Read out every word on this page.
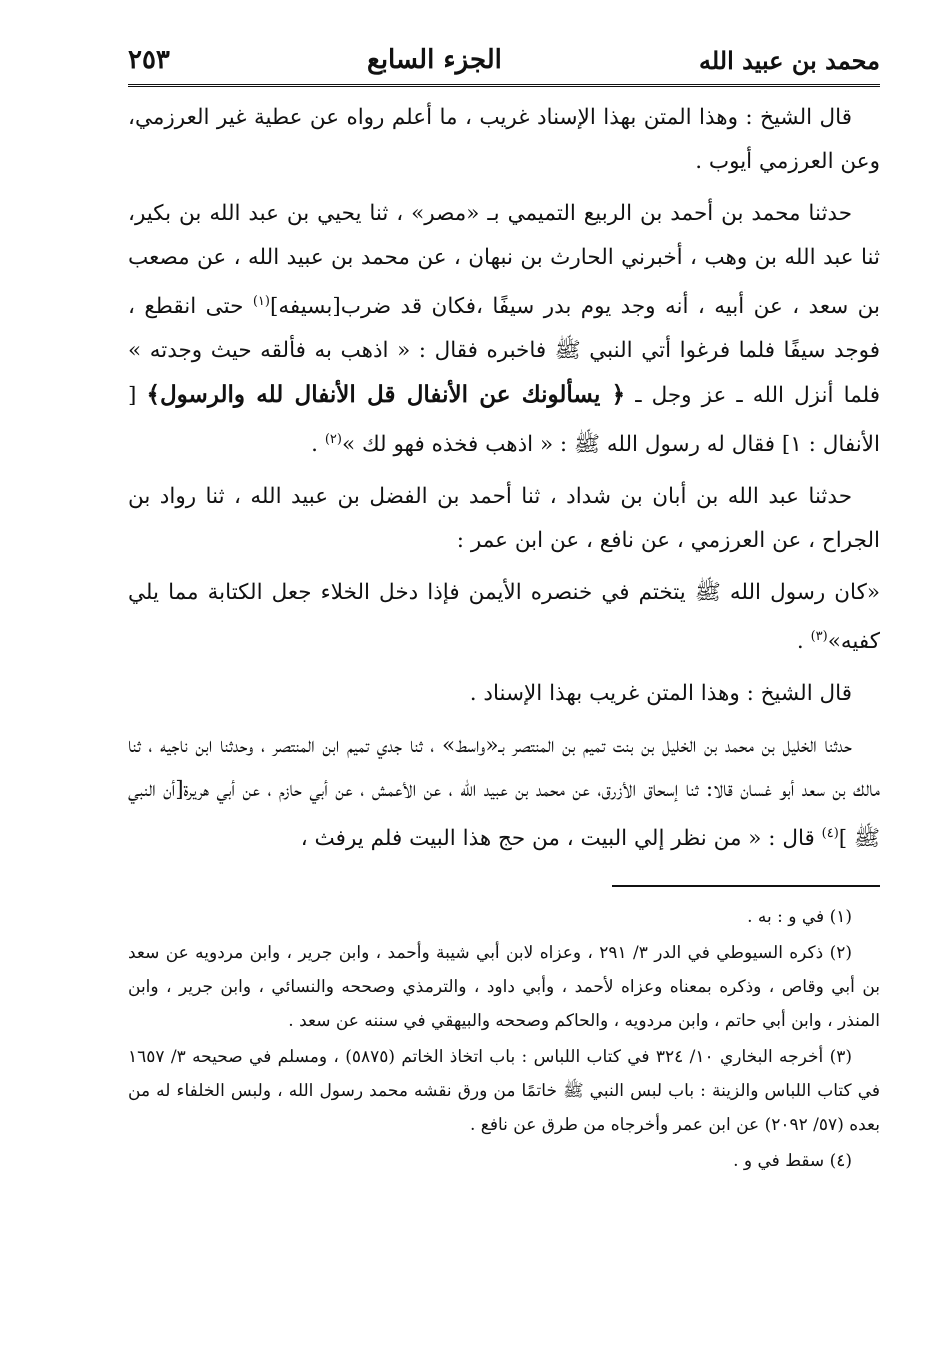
٢٥٣	الجزء السابع	محمد بن عبيد الله

قال الشيخ : وهذا المتن بهذا الإسناد غريب ، ما أعلم رواه عن عطية غير العرزمي، وعن العرزمي أيوب .

حدثنا محمد بن أحمد بن الربيع التميمي بـ «مصر» ، ثنا يحيي بن عبد الله بن بكير، ثنا عبد الله بن وهب ، أخبرني الحارث بن نبهان ، عن محمد بن عبيد الله ، عن مصعب بن سعد ، عن أبيه ، أنه وجد يوم بدر سيفًا ،فكان قد ضرب[بسيفه]$^{(١)}$ حتى انقطع ، فوجد سيفًا فلما فرغوا أتي النبي ﷺ فاخبره فقال : « اذهب به فألقه حيث وجدته » فلما أنزل الله ـ عز وجل ـ ﴿ يسألونك عن الأنفال قل الأنفال لله والرسول﴾ [ الأنفال : ١] فقال له رسول الله ﷺ : « اذهب فخذه فهو لك »$^{(٢)}$ .

حدثنا عبد الله بن أبان بن شداد ، ثنا أحمد بن الفضل بن عبيد الله ، ثنا رواد بن الجراح ، عن العرزمي ، عن نافع ، عن ابن عمر :

«كان رسول الله ﷺ يتختم في خنصره الأيمن فإذا دخل الخلاء جعل الكتابة مما يلي كفيه»$^{(٣)}$ .

قال الشيخ : وهذا المتن غريب بهذا الإسناد .

حدثنا الخليل بن محمد بن الخليل بن بنت تميم بن المنتصر بـ«واسط» ، ثنا جدي تميم ابن المنتصر ، وحدثنا ابن ناجيه ، ثنا مالك بن سعد أبو غسان قالا: ثنا إسحاق الأزرق، عن محمد بن عبيد الله ، عن الأعمش ، عن أبي حازم ، عن أبي هريرة[أن النبي ﷺ ]$^{(٤)}$ قال : « من نظر إلي البيت ، من حج هذا البيت فلم يرفث ،

(١) في و : به .

(٢) ذكره السيوطي في الدر ٣/ ٢٩١ ، وعزاه لابن أبي شيبة وأحمد ، وابن جرير ، وابن مردويه عن سعد بن أبي وقاص ، وذكره بمعناه وعزاه لأحمد ، وأبي داود ، والترمذي وصححه والنسائي ، وابن جرير ، وابن المنذر ، وابن أبي حاتم ، وابن مردويه ، والحاكم وصححه والبيهقي في سننه عن سعد .

(٣) أخرجه البخاري ١٠/ ٣٢٤ في كتاب اللباس : باب اتخاذ الخاتم (٥٨٧٥) ، ومسلم في صحيحه ٣/ ١٦٥٧ في كتاب اللباس والزينة : باب لبس النبي ﷺ خاتمًا من ورق نقشه محمد رسول الله ، ولبس الخلفاء له من بعده (٥٧/ ٢٠٩٢) عن ابن عمر وأخرجاه من طرق عن نافع .

(٤) سقط في و .
